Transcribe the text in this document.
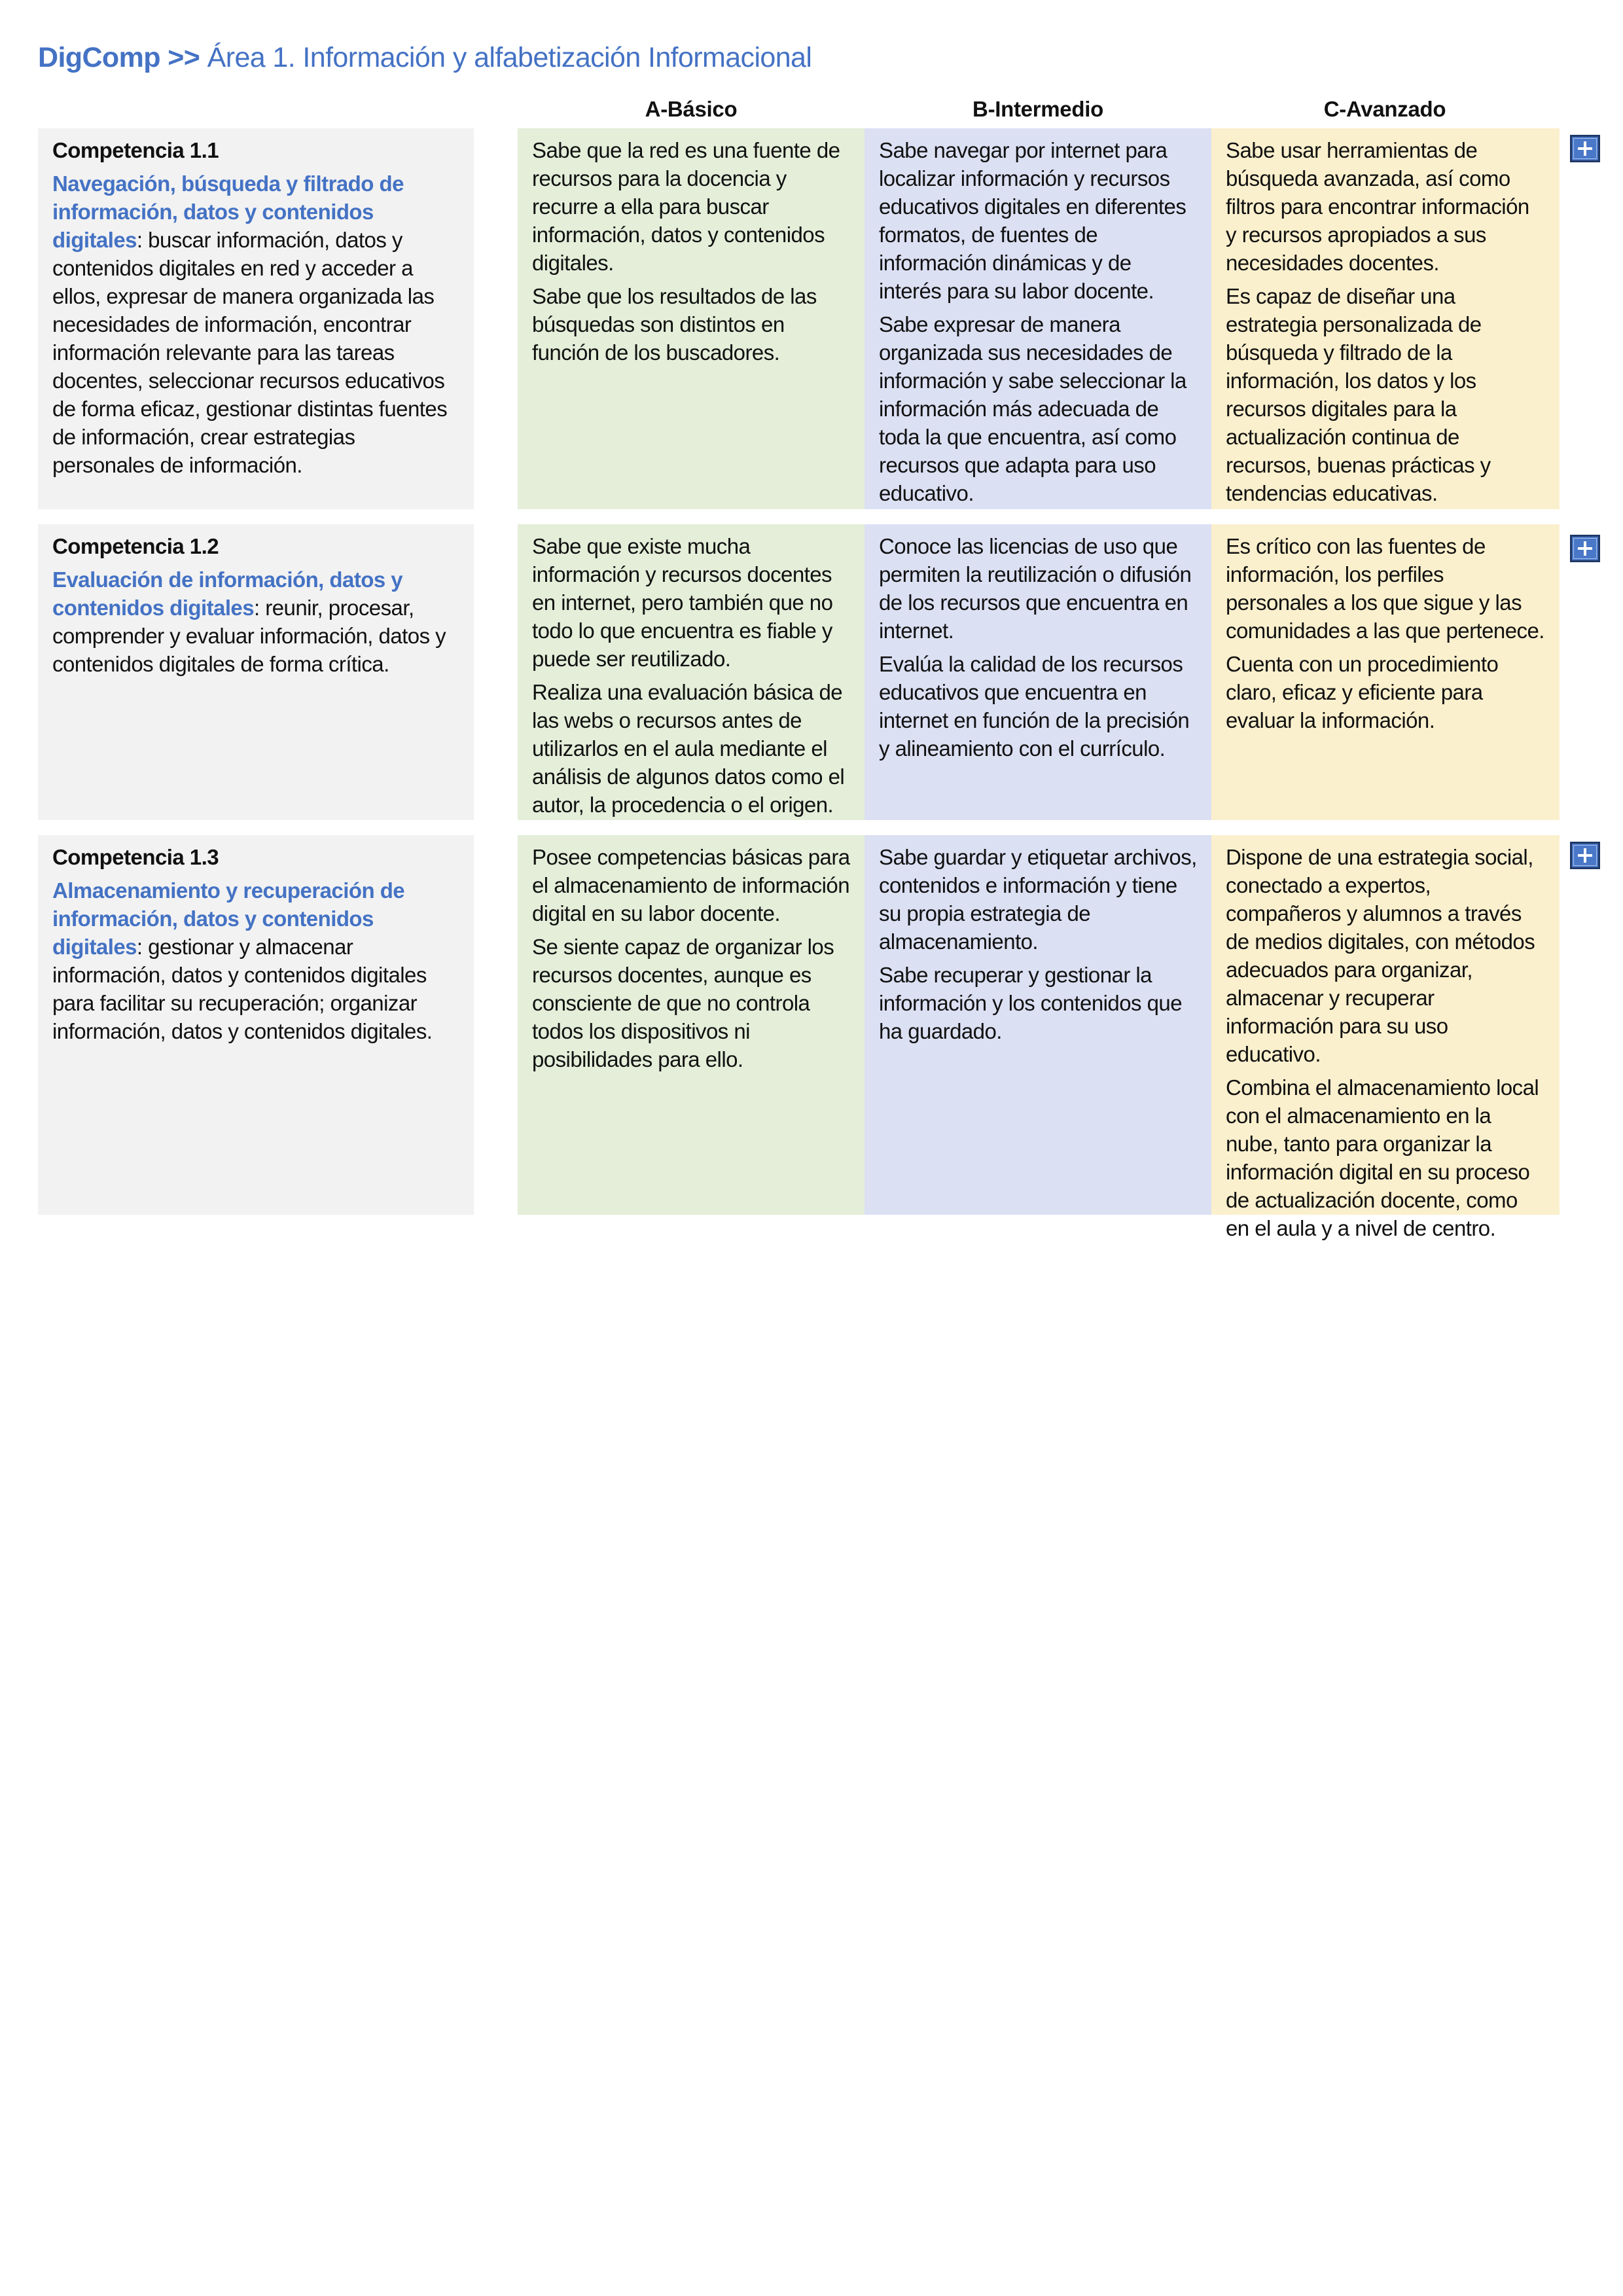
DigComp >> Área 1. Información y alfabetización Informacional
A-Básico	B-Intermedio	C-Avanzado
Competencia 1.1
Navegación, búsqueda y filtrado de información, datos y contenidos digitales: buscar información, datos y contenidos digitales en red y acceder a ellos, expresar de manera organizada las necesidades de información, encontrar información relevante para las tareas docentes, seleccionar recursos educativos de forma eficaz, gestionar distintas fuentes de información, crear estrategias personales de información.
Sabe que la red es una fuente de recursos para la docencia y recurre a ella para buscar información, datos y contenidos digitales.
Sabe que los resultados de las búsquedas son distintos en función de los buscadores.
Sabe navegar por internet para localizar información y recursos educativos digitales en diferentes formatos, de fuentes de información dinámicas y de interés para su labor docente.
Sabe expresar de manera organizada sus necesidades de información y sabe seleccionar la información más adecuada de toda la que encuentra, así como recursos que adapta para uso educativo.
Sabe usar herramientas de búsqueda avanzada, así como filtros para encontrar información y recursos apropiados a sus necesidades docentes.
Es capaz de diseñar una estrategia personalizada de búsqueda y filtrado de la información, los datos y los recursos digitales para la actualización continua de recursos, buenas prácticas y tendencias educativas.
Competencia 1.2
Evaluación de información, datos y contenidos digitales: reunir, procesar, comprender y evaluar información, datos y contenidos digitales de forma crítica.
Sabe que existe mucha información y recursos docentes en internet, pero también que no todo lo que encuentra es fiable y puede ser reutilizado.
Realiza una evaluación básica de las webs o recursos antes de utilizarlos en el aula mediante el análisis de algunos datos como el autor, la procedencia o el origen.
Conoce las licencias de uso que permiten la reutilización o difusión de los recursos que encuentra en internet.
Evalúa la calidad de los recursos educativos que encuentra en internet en función de la precisión y alineamiento con el currículo.
Es crítico con las fuentes de información, los perfiles personales a los que sigue y las comunidades a las que pertenece.
Cuenta con un procedimiento claro, eficaz y eficiente para evaluar la información.
Competencia 1.3
Almacenamiento y recuperación de información, datos y contenidos digitales: gestionar y almacenar información, datos y contenidos digitales para facilitar su recuperación; organizar información, datos y contenidos digitales.
Posee competencias básicas para el almacenamiento de información digital en su labor docente.
Se siente capaz de organizar los recursos docentes, aunque es consciente de que no controla todos los dispositivos ni posibilidades para ello.
Sabe guardar y etiquetar archivos, contenidos e información y tiene su propia estrategia de almacenamiento.
Sabe recuperar y gestionar la información y los contenidos que ha guardado.
Dispone de una estrategia social, conectado a expertos, compañeros y alumnos a través de medios digitales, con métodos adecuados para organizar, almacenar y recuperar información para su uso educativo.
Combina el almacenamiento local con el almacenamiento en la nube, tanto para organizar la información digital en su proceso de actualización docente, como en el aula y a nivel de centro.
